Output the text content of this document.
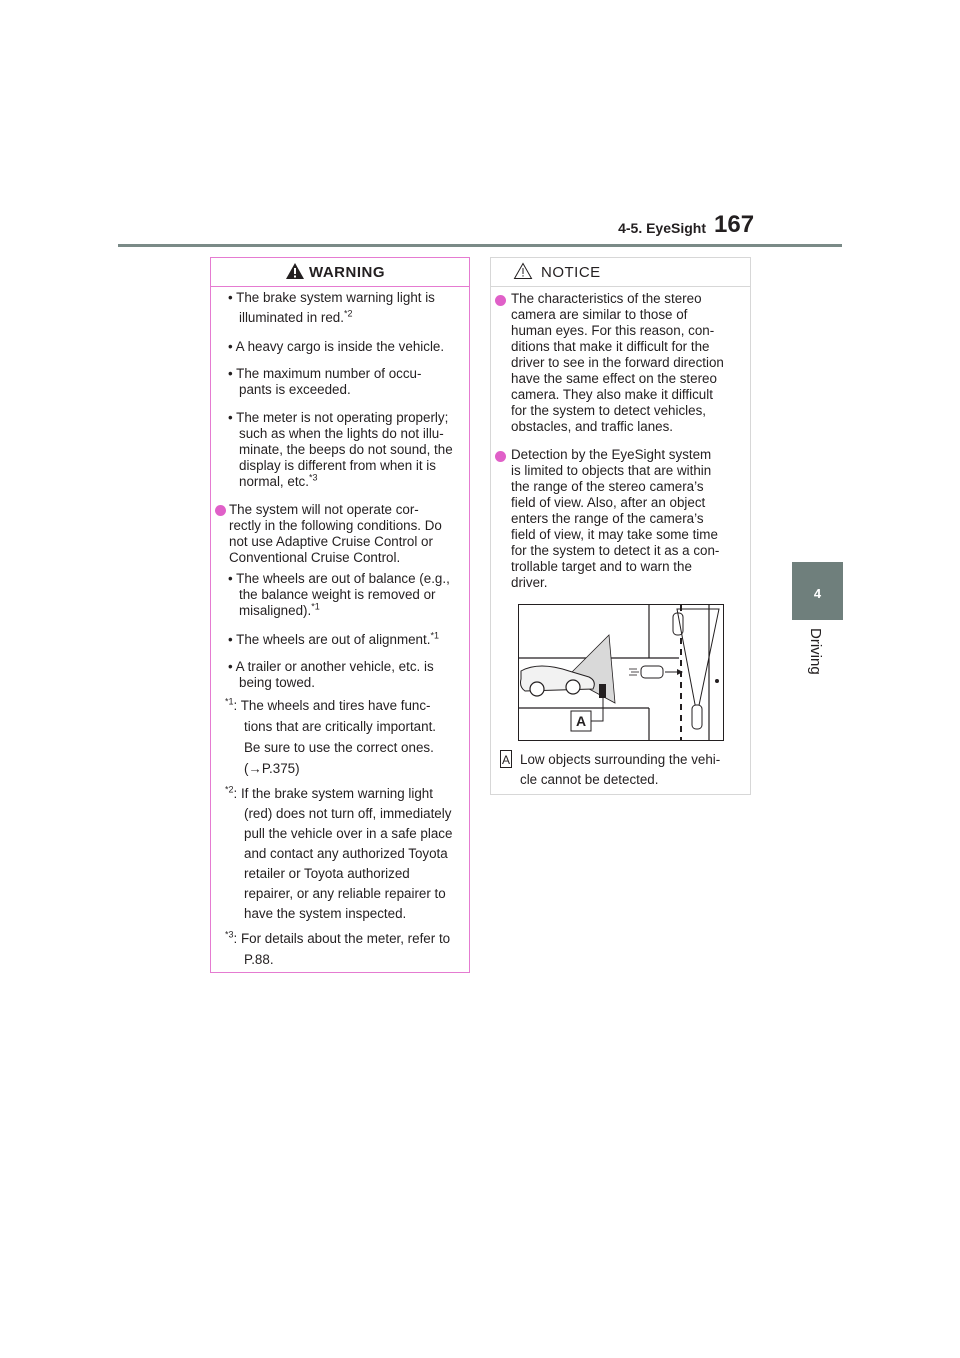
4-5. EyeSight 167
4
Driving
WARNING
• The brake system warning light is
illuminated in red.$^{*2}$
• A heavy cargo is inside the vehicle.
• The maximum number of occu-
pants is exceeded.
• The meter is not operating properly;
such as when the lights do not illu-
minate, the beeps do not sound, the
display is different from when it is
normal, etc.$^{*3}$
The system will not operate cor-
rectly in the following conditions. Do
not use Adaptive Cruise Control or
Conventional Cruise Control.
• The wheels are out of balance (e.g.,
the balance weight is removed or
misaligned).$^{*1}$
• The wheels are out of alignment.$^{*1}$
• A trailer or another vehicle, etc. is
being towed.
$^{*1}$: The wheels and tires have func-
tions that are critically important.
Be sure to use the correct ones.
(→P.375)
$^{*2}$: If the brake system warning light
(red) does not turn off, immediately
pull the vehicle over in a safe place
and contact any authorized Toyota
retailer or Toyota authorized
repairer, or any reliable repairer to
have the system inspected.
$^{*3}$: For details about the meter, refer to
P.88.
NOTICE
The characteristics of the stereo
camera are similar to those of
human eyes. For this reason, con-
ditions that make it difficult for the
driver to see in the forward direction
have the same effect on the stereo
camera. They also make it difficult
for the system to detect vehicles,
obstacles, and traffic lanes.
Detection by the EyeSight system
is limited to objects that are within
the range of the stereo camera’s
field of view. Also, after an object
enters the range of the camera’s
field of view, it may take some time
for the system to detect it as a con-
trollable target and to warn the
driver.
A
A Low objects surrounding the vehi-
cle cannot be detected.
